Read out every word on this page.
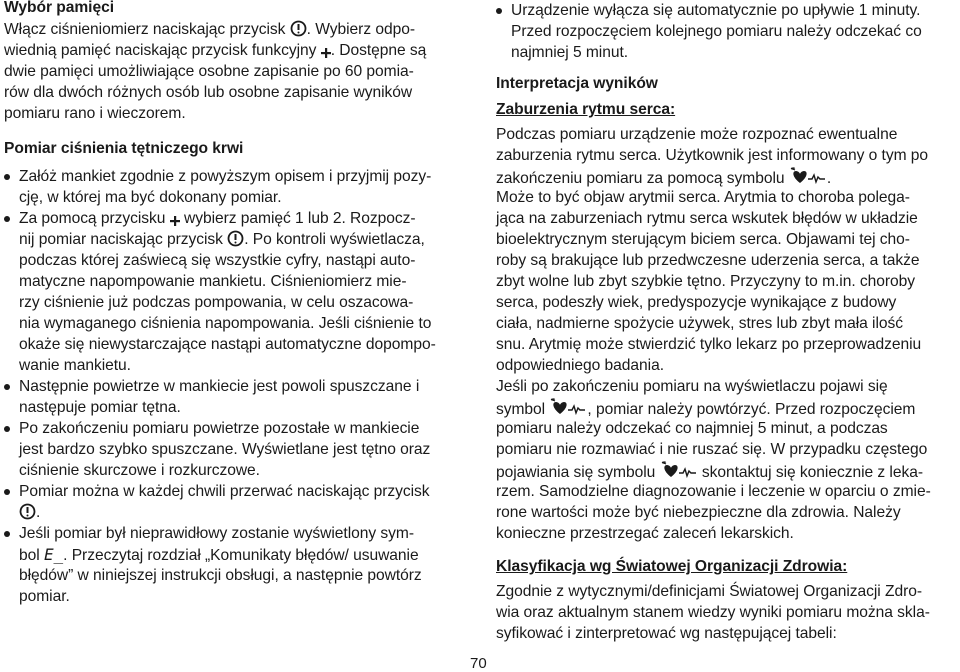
Wybór pamięci
Włącz ciśnieniomierz naciskając przycisk . Wybierz odpo-
wiednią pamięć naciskając przycisk funkcyjny . Dostępne są
dwie pamięci umożliwiające osobne zapisanie po 60 pomia-
rów dla dwóch różnych osób lub osobne zapisanie wyników
pomiaru rano i wieczorem.
Pomiar ciśnienia tętniczego krwi
Załóż mankiet zgodnie z powyższym opisem i przyjmij pozy-
cję, w której ma być dokonany pomiar.
Za pomocą przycisku wybierz pamięć 1 lub 2. Rozpocz-
nij pomiar naciskając przycisk . Po kontroli wyświetlacza,
podczas której zaświecą się wszystkie cyfry, nastąpi auto-
matyczne napompowanie mankietu. Ciśnieniomierz mie-
rzy ciśnienie już podczas pompowania, w celu oszacowa-
nia wymaganego ciśnienia napompowania. Jeśli ciśnienie to
okaże się niewystarczające nastąpi automatyczne dopompo-
wanie mankietu.
Następnie powietrze w mankiecie jest powoli spuszczane i
następuje pomiar tętna.
Po zakończeniu pomiaru powietrze pozostałe w mankiecie
jest bardzo szybko spuszczane. Wyświetlane jest tętno oraz
ciśnienie skurczowe i rozkurczowe.
Pomiar można w każdej chwili przerwać naciskając przycisk
.
Jeśli pomiar był nieprawidłowy zostanie wyświetlony sym-
bol E_. Przeczytaj rozdział „Komunikaty błędów/ usuwanie
błędów” w niniejszej instrukcji obsługi, a następnie powtórz
pomiar.
Urządzenie wyłącza się automatycznie po upływie 1 minuty.
Przed rozpoczęciem kolejnego pomiaru należy odczekać co
najmniej 5 minut.
Interpretacja wyników
Zaburzenia rytmu serca:
Podczas pomiaru urządzenie może rozpoznać ewentualne
zaburzenia rytmu serca. Użytkownik jest informowany o tym po
zakończeniu pomiaru za pomocą symbolu	.
Może to być objaw arytmii serca. Arytmia to choroba polega-
jąca na zaburzeniach rytmu serca wskutek błędów w układzie
bioelektrycznym sterującym biciem serca. Objawami tej cho-
roby są brakujące lub przedwczesne uderzenia serca, a także
zbyt wolne lub zbyt szybkie tętno. Przyczyny to m.in. choroby
serca, podeszły wiek, predyspozycje wynikające z budowy
ciała, nadmierne spożycie używek, stres lub zbyt mała ilość
snu. Arytmię może stwierdzić tylko lekarz po przeprowadzeniu
odpowiedniego badania.
Jeśli po zakończeniu pomiaru na wyświetlaczu pojawi się
symbol	, pomiar należy powtórzyć. Przed rozpoczęciem
pomiaru należy odczekać co najmniej 5 minut, a podczas
pomiaru nie rozmawiać i nie ruszać się. W przypadku częstego
pojawiania się symbolu	skontaktuj się koniecznie z leka-
rzem. Samodzielne diagnozowanie i leczenie w oparciu o zmie-
rone wartości może być niebezpieczne dla zdrowia. Należy
konieczne przestrzegać zaleceń lekarskich.
Klasyfikacja wg Światowej Organizacji Zdrowia:
Zgodnie z wytycznymi/definicjami Światowej Organizacji Zdro-
wia oraz aktualnym stanem wiedzy wyniki pomiaru można skla-
syfikować i zinterpretować wg następującej tabeli:
70
